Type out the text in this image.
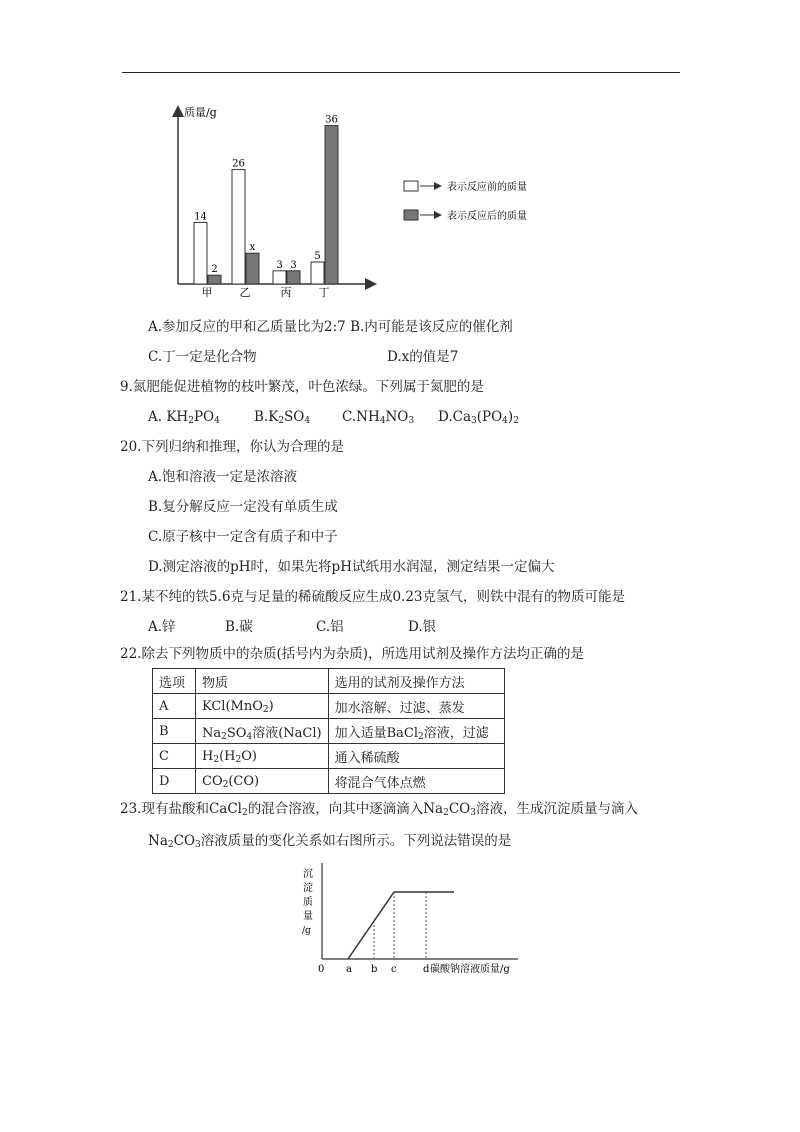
质量/g
14
2
甲
26
x
乙
3 3
丙
5
36
丁
表示反应前的质量
表示反应后的质量
A.参加反应的甲和乙质量比为2:7 B.内可能是该反应的催化剂
C.丁一定是化合物	D.x的值是7
9.氮肥能促进植物的枝叶繁茂，叶色浓绿。下列属于氮肥的是
A. $KH_2PO_4$	$B.K_2SO_4$ $C.NH_4NO_3$ $D.Ca_3(PO_4)_2$
20.下列归纳和推理，你认为合理的是
A.饱和溶液一定是浓溶液
B.复分解反应一定没有单质生成
C.原子核中一定含有质子和中子
D.测定溶液的pH时，如果先将pH试纸用水润湿，测定结果一定偏大
21.某不纯的铁5.6克与足量的稀硫酸反应生成0.23克氢气，则铁中混有的物质可能是
A.锌	B.碳	C.铝	D.银
22.除去下列物质中的杂质(括号内为杂质)，所选用试剂及操作方法均正确的是
选项	物质	选用的试剂及操作方法
A	KCl(MnO$_2$)	加水溶解、过滤、蒸发
B	$Na_2SO_4$溶液(NaCl)	加入适量BaCl$_2$溶液，过滤
C	$H_2(H_2O)$	通入稀硫酸
D	$CO_2(CO)$	将混合气体点燃
23.现有盐酸和CaCl$_2$的混合溶液，向其中逐滴滴入$Na_2CO_3$溶液，生成沉淀质量与滴入
$Na_2CO_3$溶液质量的变化关系如右图所示。下列说法错误的是
沉
淀
质
量
/g
0 a b c	d 碳酸钠溶液质量/g
